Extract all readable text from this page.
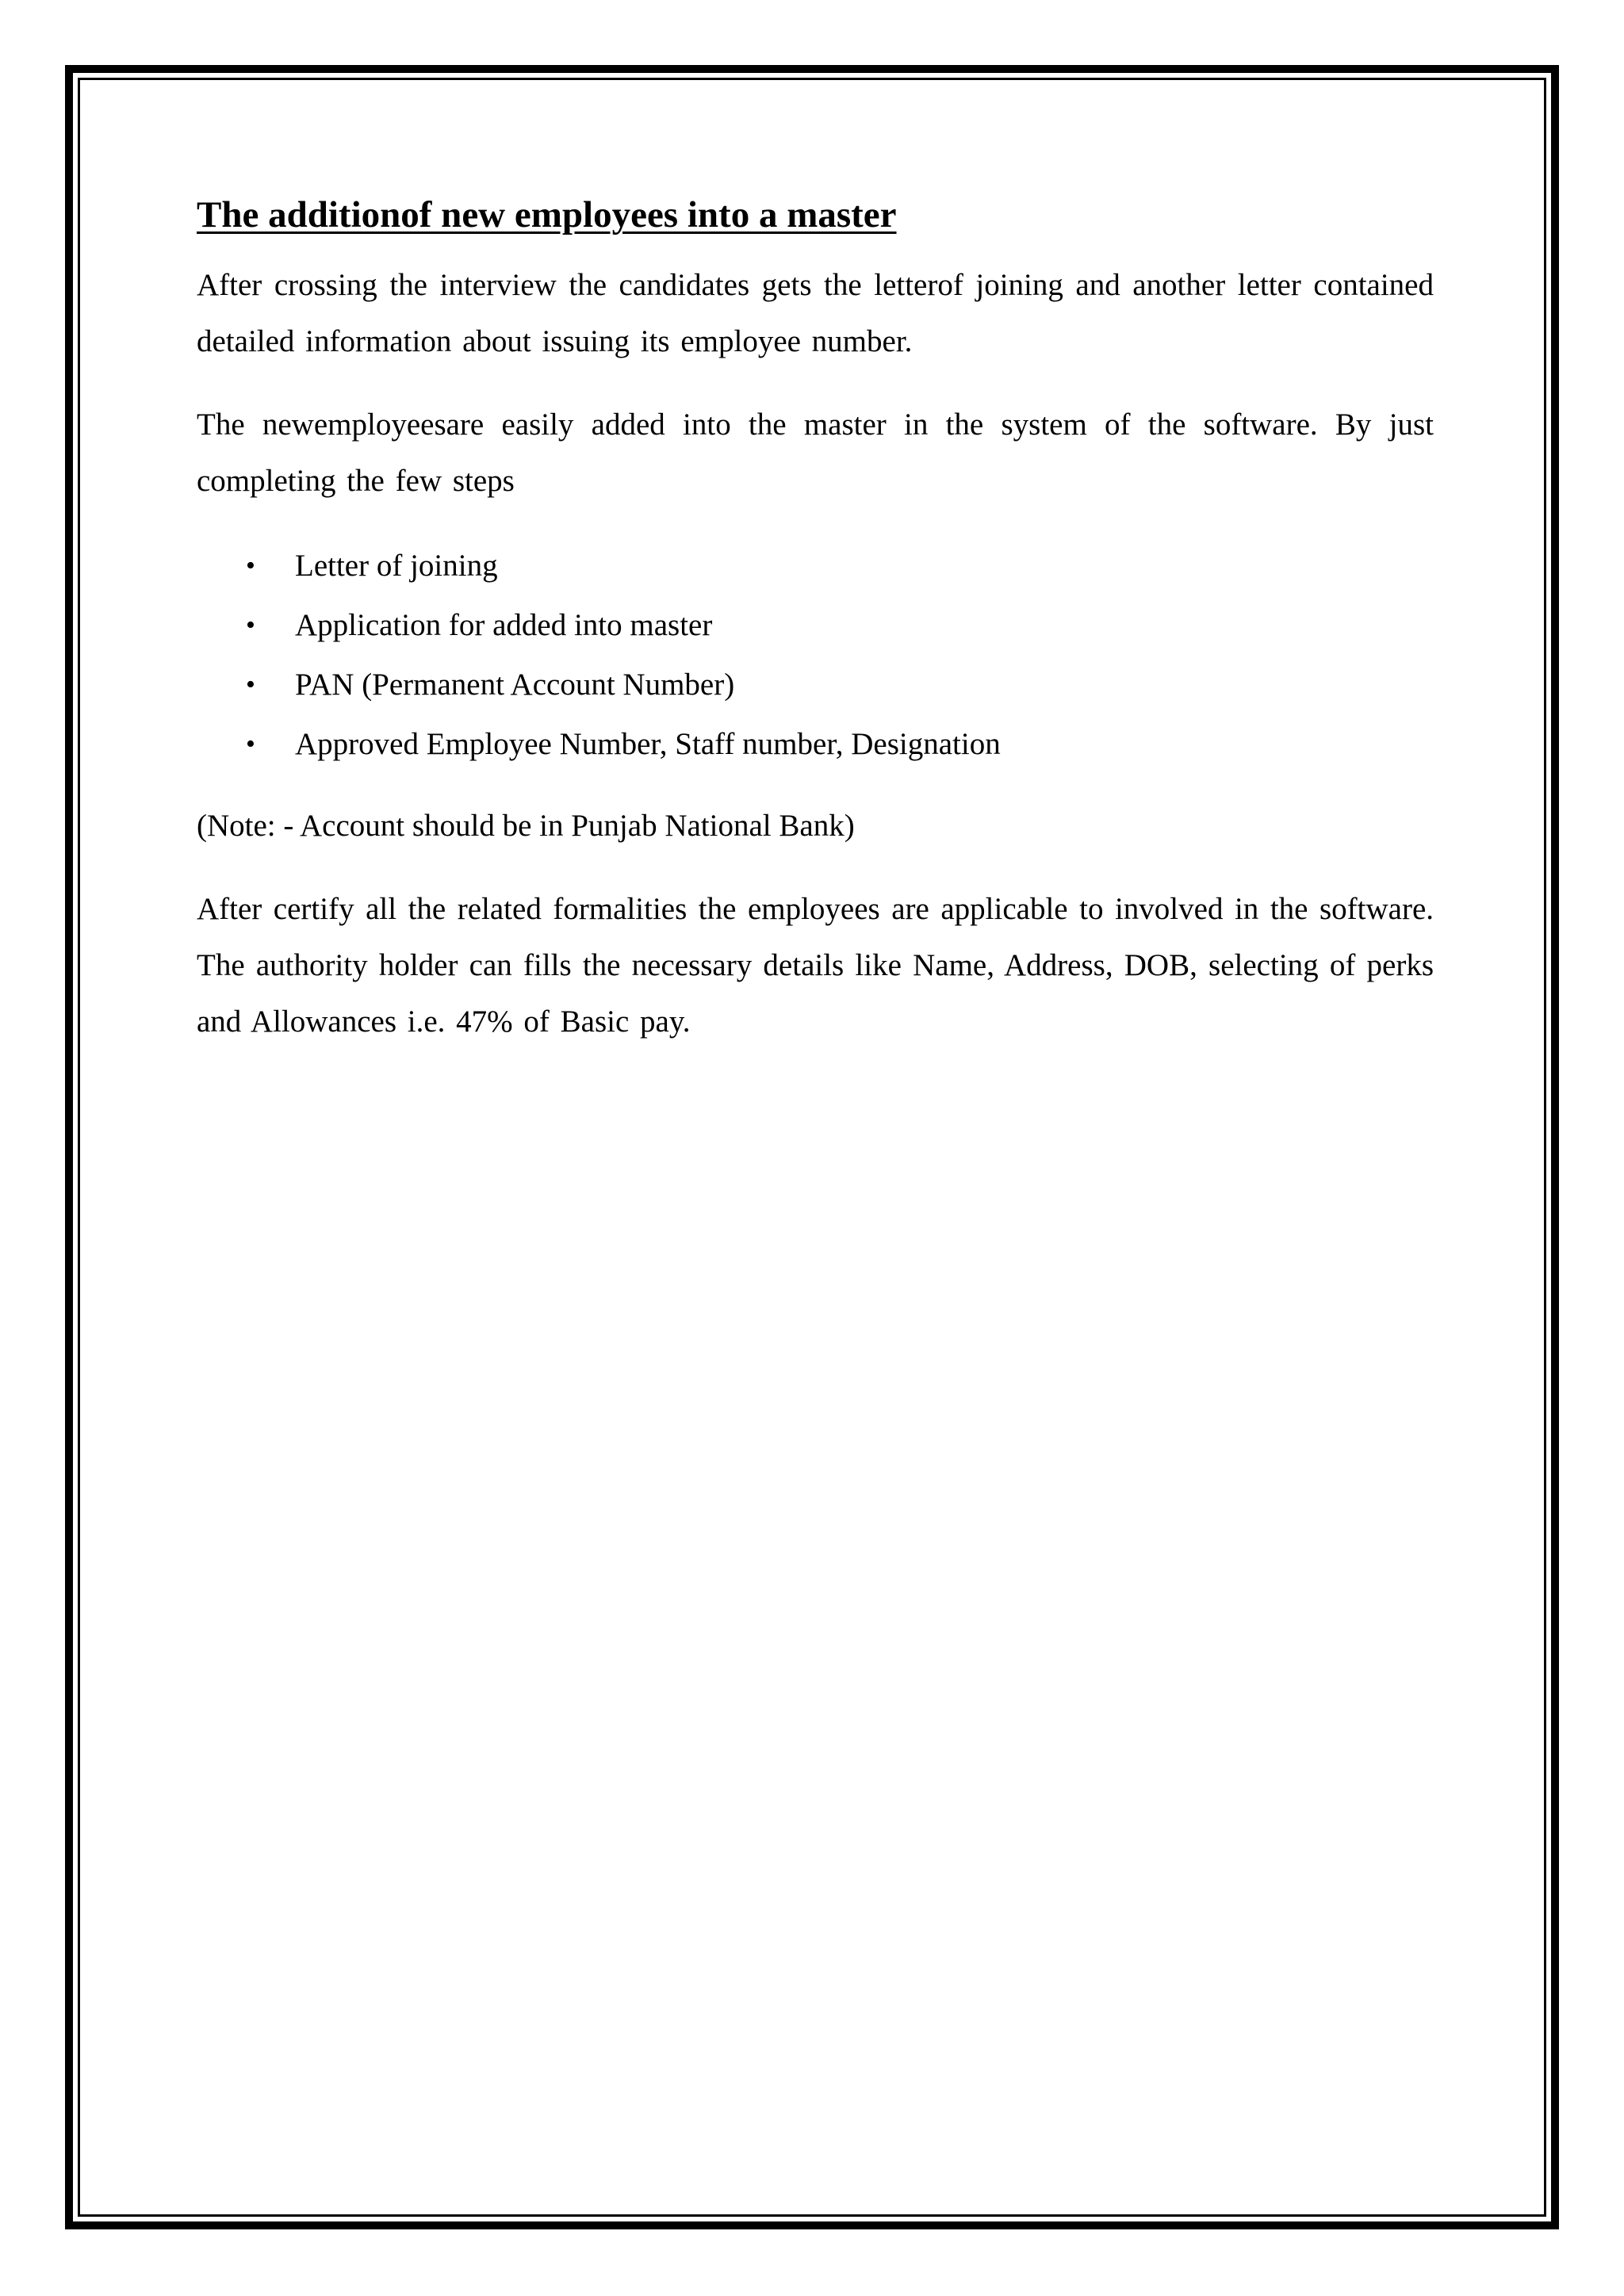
The additionof new employees into a master

After crossing the interview the candidates gets the letterof joining and another letter contained detailed information about issuing its employee number.

The newemployeesare easily added into the master in the system of the software. By just completing the few steps

• Letter of joining
• Application for added into master
• PAN (Permanent Account Number)
• Approved Employee Number, Staff number, Designation

(Note: - Account should be in Punjab National Bank)

After certify all the related formalities the employees are applicable to involved in the software. The authority holder can fills the necessary details like Name, Address, DOB, selecting of perks and Allowances i.e. 47% of Basic pay.
